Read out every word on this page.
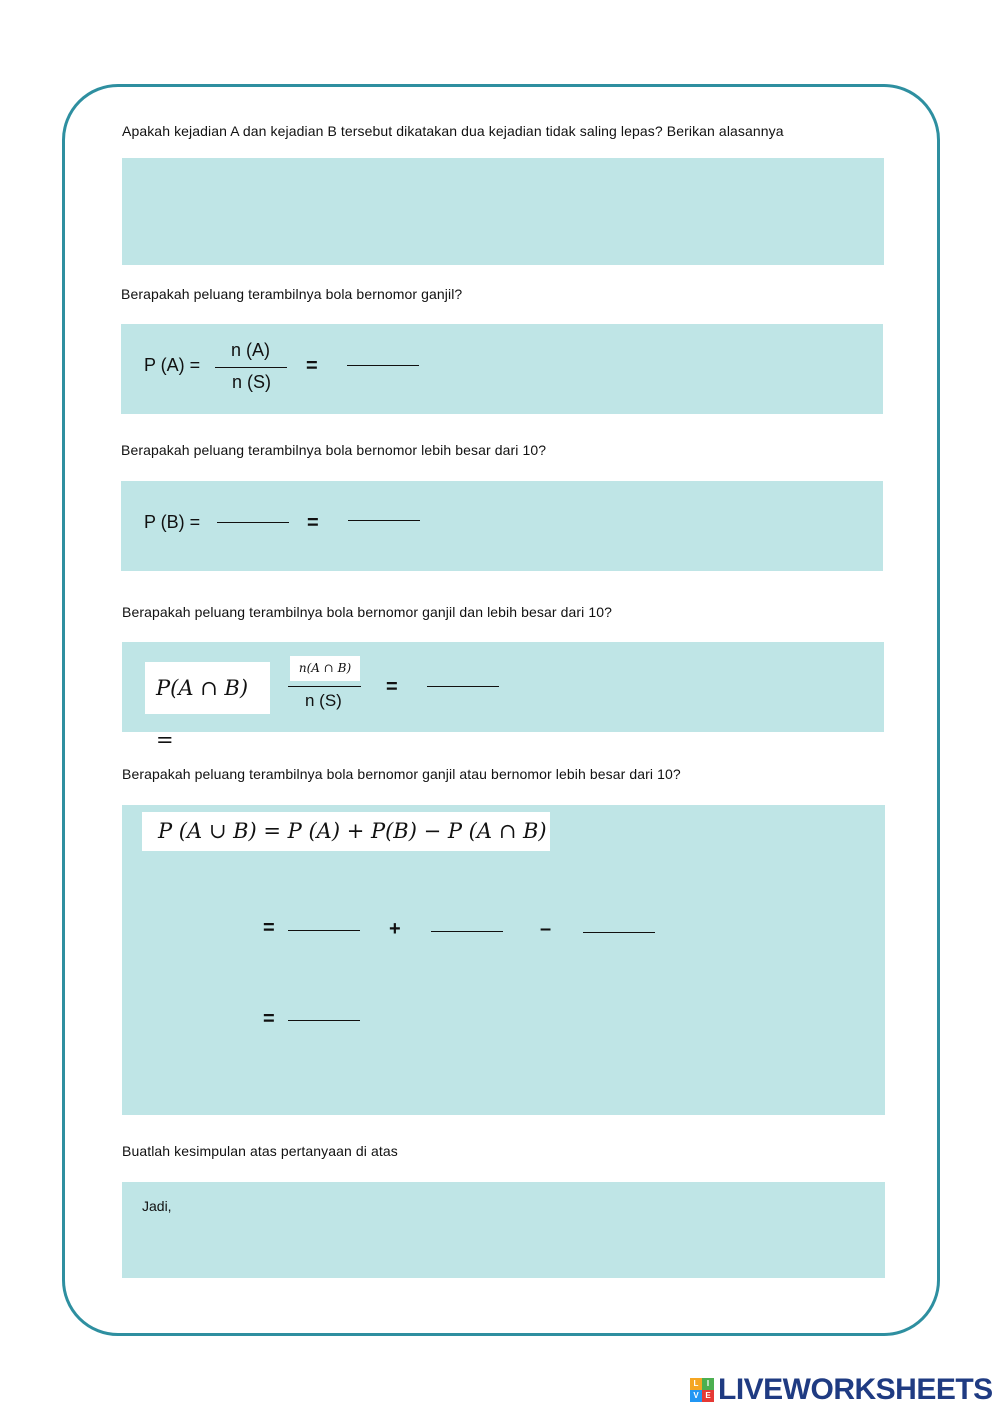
Apakah kejadian A dan kejadian B tersebut dikatakan dua kejadian tidak saling lepas? Berikan alasannya
Berapakah peluang terambilnya bola bernomor ganjil?
P (A) =
n (A)
n (S)
=
Berapakah peluang terambilnya bola bernomor lebih besar dari 10?
P (B) =	=
Berapakah peluang terambilnya bola bernomor ganjil dan lebih besar dari 10?
P(A ∩ B) =
n(A ∩ B)
n (S)
=
Berapakah peluang terambilnya bola bernomor ganjil atau bernomor lebih besar dari 10?
P (A ∪ B) = P (A) + P(B) − P (A ∩ B)
=	+	–
=
Buatlah kesimpulan atas pertanyaan di atas
Jadi,
L	I
V E LIVEWORKSHEETS
